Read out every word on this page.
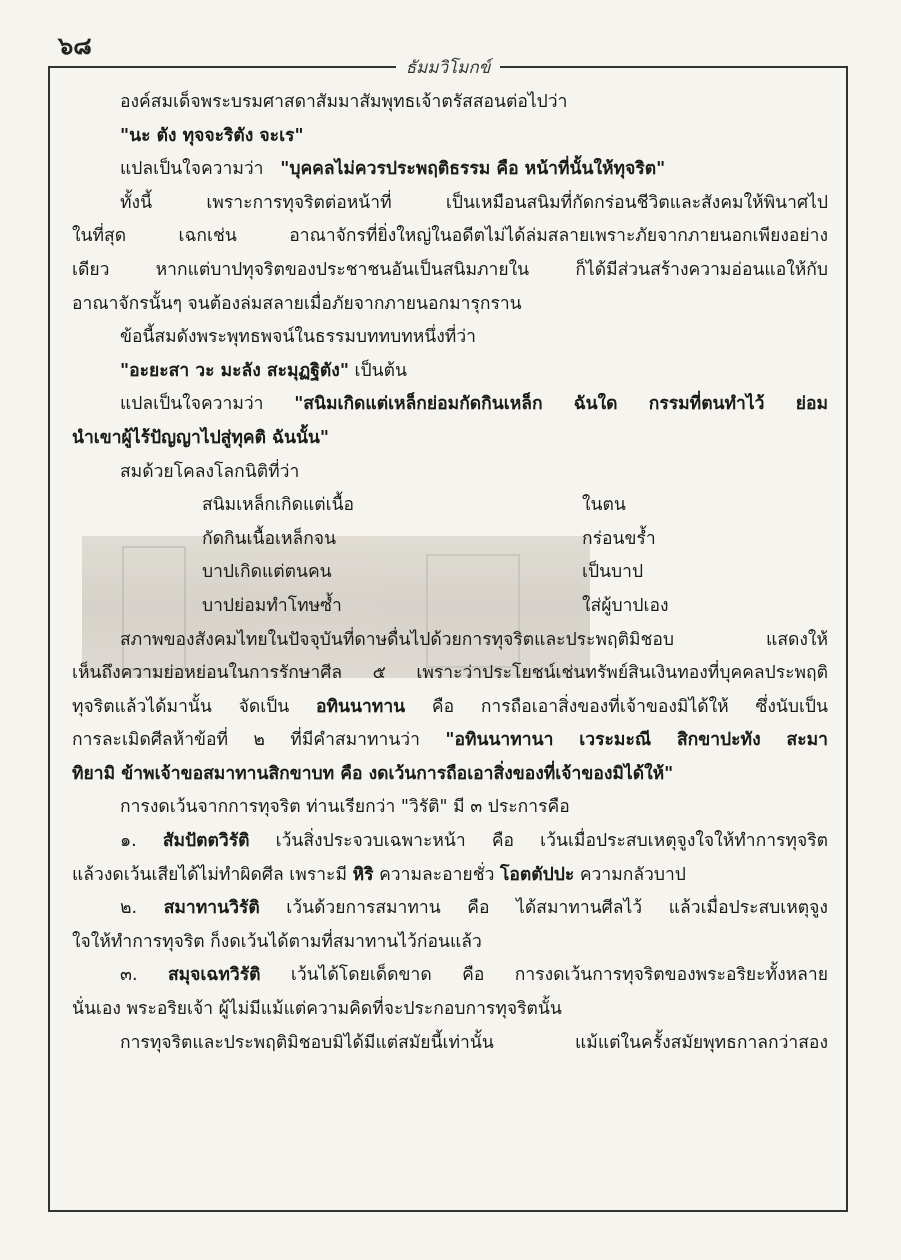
๖๘
ธัมมวิโมกข์
องค์สมเด็จพระบรมศาสดาสัมมาสัมพุทธเจ้าตรัสสอนต่อไปว่า
"นะ ตัง ทุจจะริตัง จะเร"
แปลเป็นใจความว่า "บุคคลไม่ควรประพฤติธรรม คือ หน้าที่นั้นให้ทุจริต"
ทั้งนี้ เพราะการทุจริตต่อหน้าที่ เป็นเหมือนสนิมที่กัดกร่อนชีวิตและสังคมให้พินาศไป
ในที่สุด เฉกเช่น อาณาจักรที่ยิ่งใหญ่ในอดีตไม่ได้ล่มสลายเพราะภัยจากภายนอกเพียงอย่าง
เดียว หากแต่บาปทุจริตของประชาชนอันเป็นสนิมภายใน ก็ได้มีส่วนสร้างความอ่อนแอให้กับ
อาณาจักรนั้นๆ จนต้องล่มสลายเมื่อภัยจากภายนอกมารุกราน
ข้อนี้สมดังพระพุทธพจน์ในธรรมบททบทหนึ่งที่ว่า
"อะยะสา วะ มะลัง สะมุฏฐิตัง" เป็นต้น
แปลเป็นใจความว่า "สนิมเกิดแต่เหล็กย่อมกัดกินเหล็ก ฉันใด กรรมที่ตนทำไว้ ย่อม
นำเขาผู้ไร้ปัญญาไปสู่ทุคติ ฉันนั้น"
สมด้วยโคลงโลกนิติที่ว่า
สนิมเหล็กเกิดแต่เนื้อ	ในตน
กัดกินเนื้อเหล็กจน	กร่อนขร้ำ
บาปเกิดแต่ตนคน	เป็นบาป
บาปย่อมทำโทษซ้ำ	ใส่ผู้บาปเอง
สภาพของสังคมไทยในปัจจุบันที่ดาษดื่นไปด้วยการทุจริตและประพฤติมิชอบ แสดงให้
เห็นถึงความย่อหย่อนในการรักษาศีล ๕ เพราะว่าประโยชน์เช่นทรัพย์สินเงินทองที่บุคคลประพฤติ
ทุจริตแล้วได้มานั้น จัดเป็น อทินนาทาน คือ การถือเอาสิ่งของที่เจ้าของมิได้ให้ ซึ่งนับเป็น
การละเมิดศีลห้าข้อที่ ๒ ที่มีคำสมาทานว่า "อทินนาทานา เวระมะณี สิกขาปะทัง สะมา
ทิยามิ ข้าพเจ้าขอสมาทานสิกขาบท คือ งดเว้นการถือเอาสิ่งของที่เจ้าของมิได้ให้"
การงดเว้นจากการทุจริต ท่านเรียกว่า "วิรัติ" มี ๓ ประการคือ
๑. สัมปัตตวิรัติ เว้นสิ่งประจวบเฉพาะหน้า คือ เว้นเมื่อประสบเหตุจูงใจให้ทำการทุจริต
แล้วงดเว้นเสียได้ไม่ทำผิดศีล เพราะมี หิริ ความละอายชั่ว โอตตัปปะ ความกลัวบาป
๒. สมาทานวิรัติ เว้นด้วยการสมาทาน คือ ได้สมาทานศีลไว้ แล้วเมื่อประสบเหตุจูง
ใจให้ทำการทุจริต ก็งดเว้นได้ตามที่สมาทานไว้ก่อนแล้ว
๓. สมุจเฉทวิรัติ เว้นได้โดยเด็ดขาด คือ การงดเว้นการทุจริตของพระอริยะทั้งหลาย
นั่นเอง พระอริยเจ้า ผู้ไม่มีแม้แต่ความคิดที่จะประกอบการทุจริตนั้น
การทุจริตและประพฤติมิชอบมิได้มีแต่สมัยนี้เท่านั้น แม้แต่ในครั้งสมัยพุทธกาลกว่าสอง
